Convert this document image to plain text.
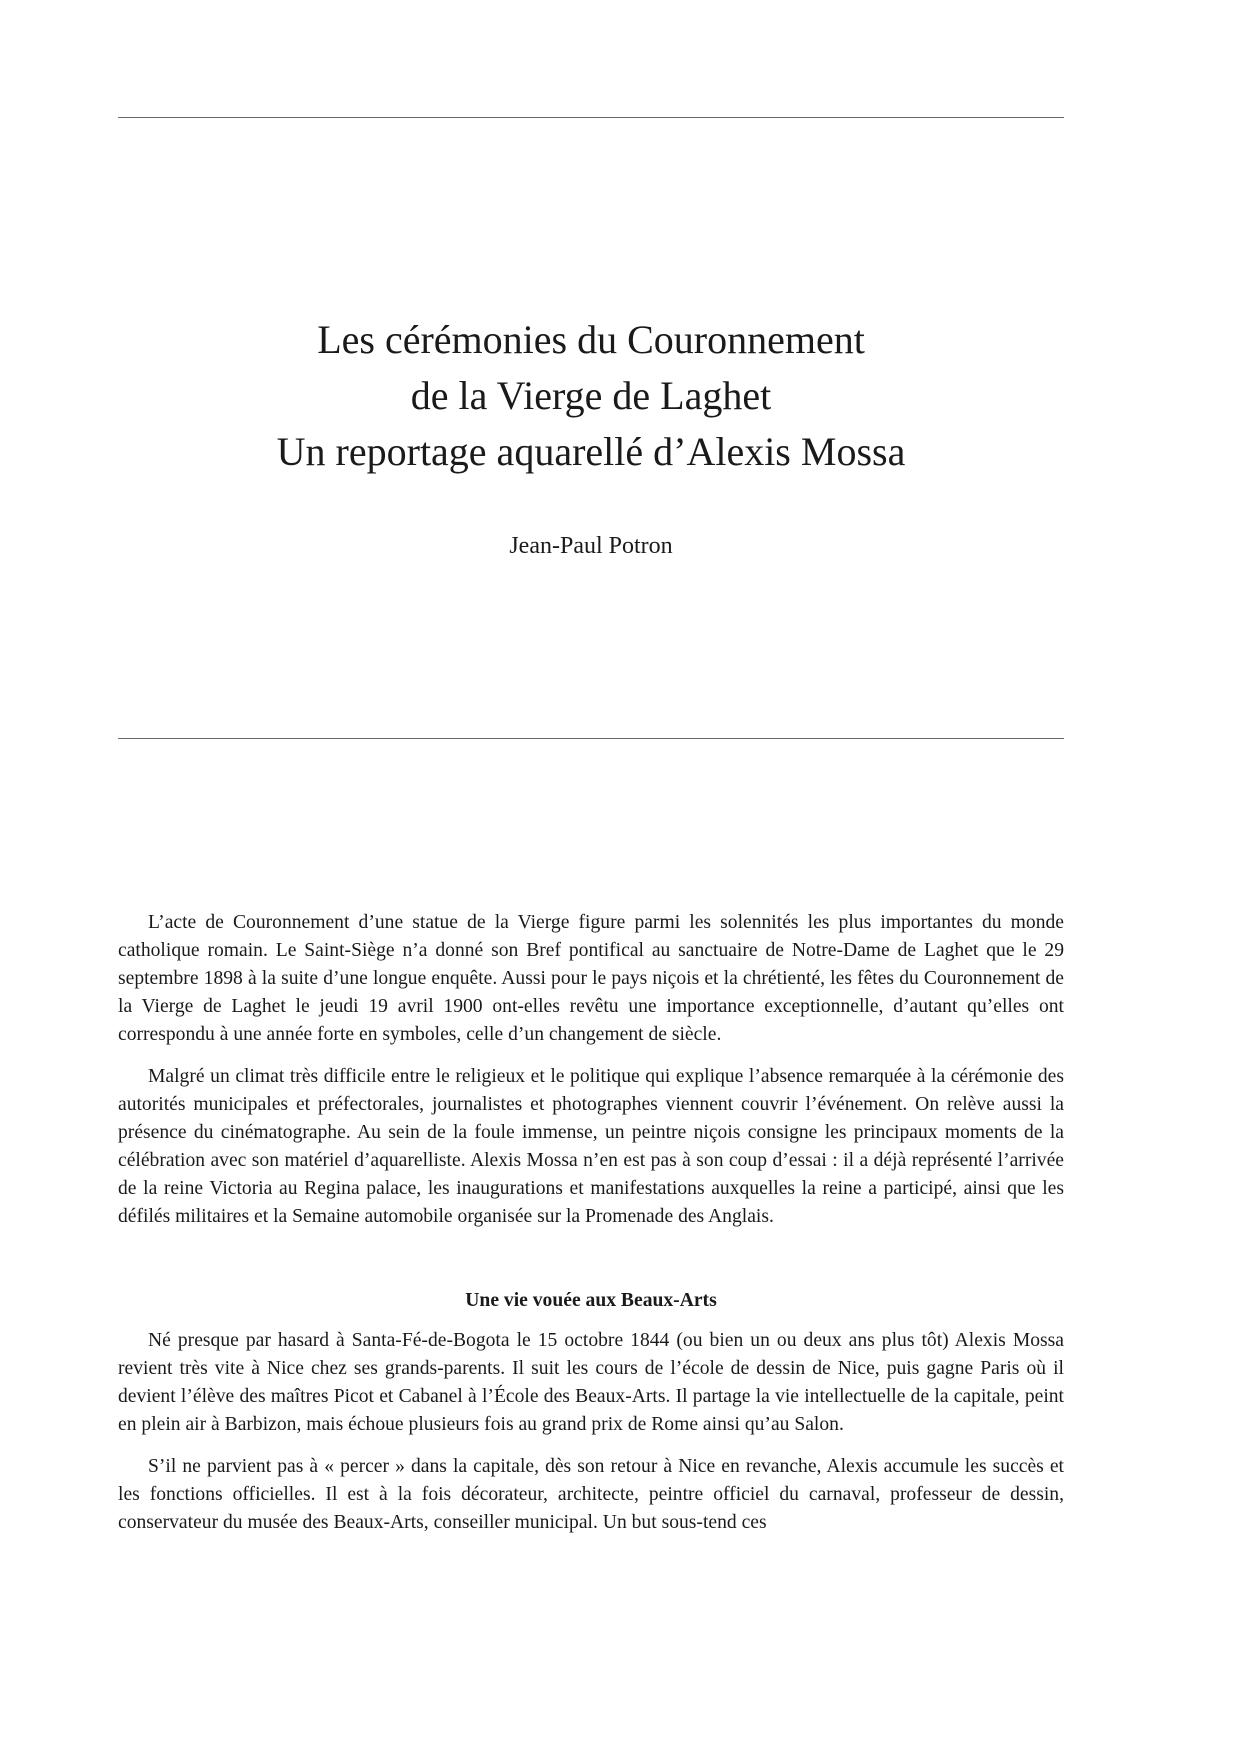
Les cérémonies du Couronnement
de la Vierge de Laghet
Un reportage aquarellé d’Alexis Mossa
Jean-Paul Potron

L’acte de Couronnement d’une statue de la Vierge figure parmi les solennités les plus importantes du monde catholique romain. Le Saint-Siège n’a donné son Bref pontifical au sanctuaire de Notre-Dame de Laghet que le 29 septembre 1898 à la suite d’une longue enquête. Aussi pour le pays niçois et la chrétienté, les fêtes du Couronnement de la Vierge de Laghet le jeudi 19 avril 1900 ont-elles revêtu une importance exceptionnelle, d’autant qu’elles ont correspondu à une année forte en symboles, celle d’un changement de siècle.

Malgré un climat très difficile entre le religieux et le politique qui explique l’absence remarquée à la cérémonie des autorités municipales et préfectorales, journalistes et photographes viennent couvrir l’événement. On relève aussi la présence du cinématographe. Au sein de la foule immense, un peintre niçois consigne les principaux moments de la célébration avec son matériel d’aquarelliste. Alexis Mossa n’en est pas à son coup d’essai : il a déjà représenté l’arrivée de la reine Victoria au Regina palace, les inaugurations et manifestations auxquelles la reine a participé, ainsi que les défilés militaires et la Semaine automobile organisée sur la Promenade des Anglais.

Une vie vouée aux Beaux-Arts

Né presque par hasard à Santa-Fé-de-Bogota le 15 octobre 1844 (ou bien un ou deux ans plus tôt) Alexis Mossa revient très vite à Nice chez ses grands-parents. Il suit les cours de l’école de dessin de Nice, puis gagne Paris où il devient l’élève des maîtres Picot et Cabanel à l’École des Beaux-Arts. Il partage la vie intellectuelle de la capitale, peint en plein air à Barbizon, mais échoue plusieurs fois au grand prix de Rome ainsi qu’au Salon.

S’il ne parvient pas à « percer » dans la capitale, dès son retour à Nice en revanche, Alexis accumule les succès et les fonctions officielles. Il est à la fois décorateur, architecte, peintre officiel du carnaval, professeur de dessin, conservateur du musée des Beaux-Arts, conseiller municipal. Un but sous-tend ces
